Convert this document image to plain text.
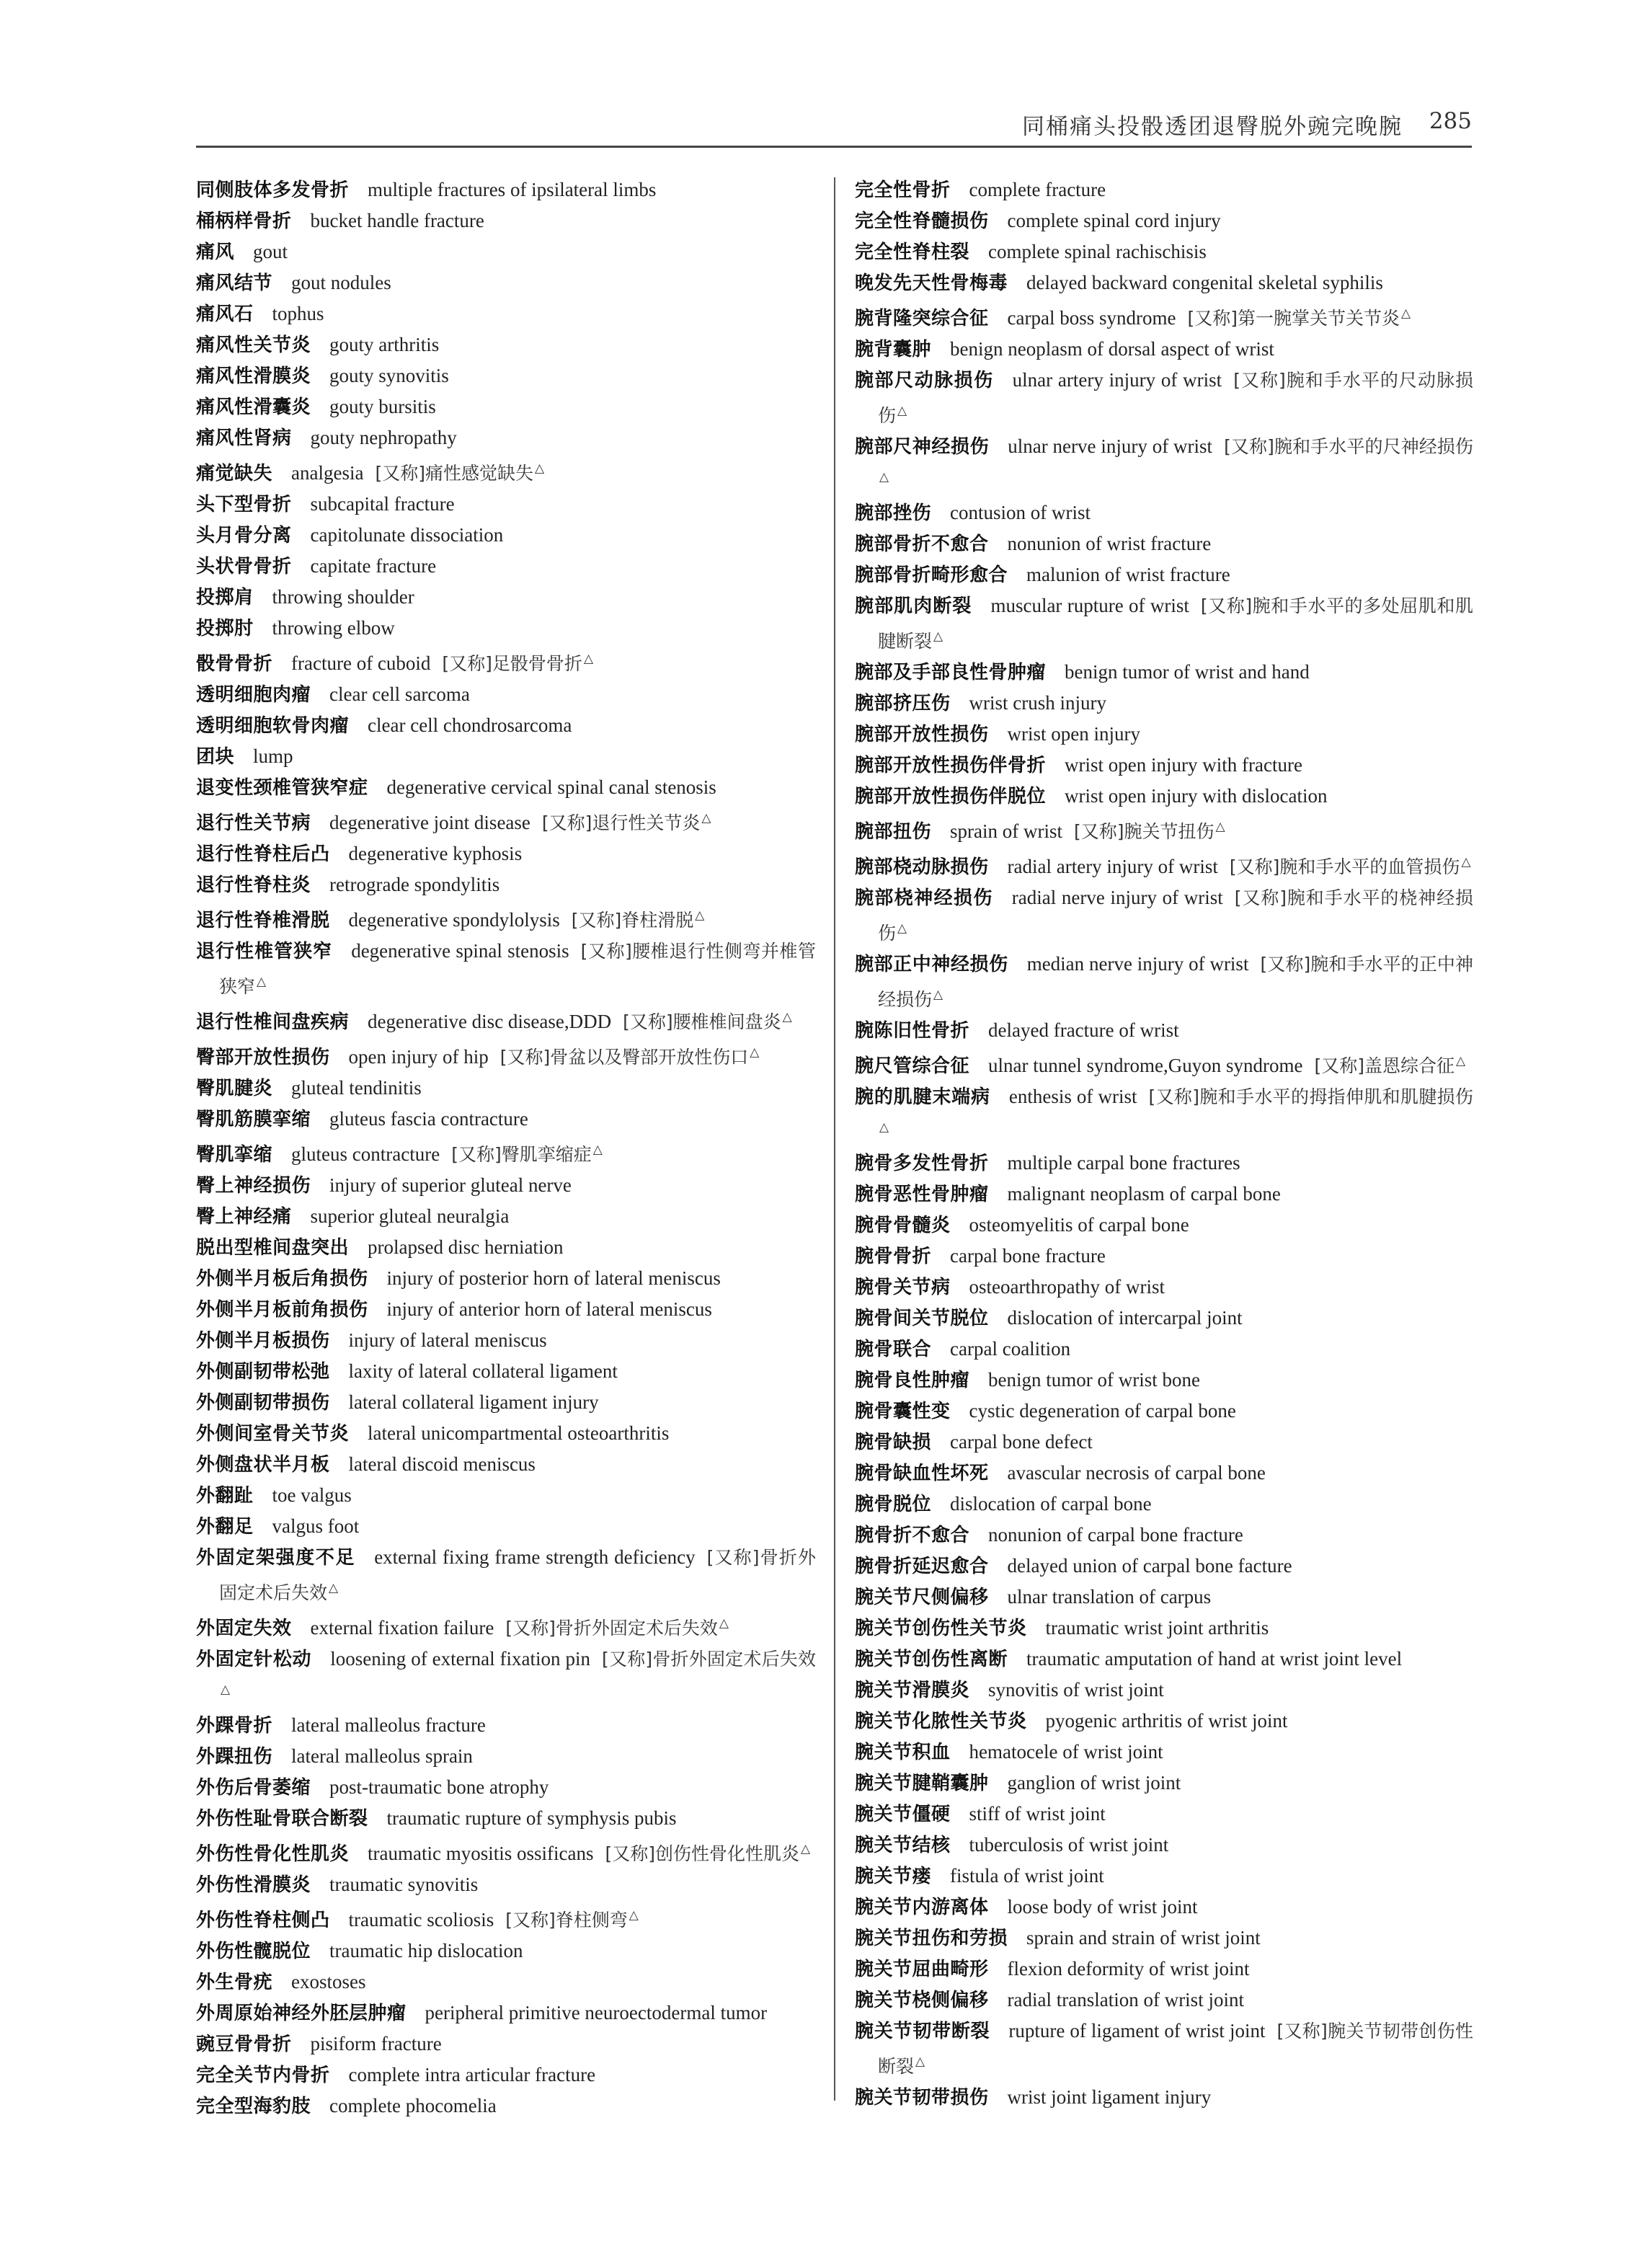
同桶痛头投骰透团退臀脱外豌完晚腕 285
同侧肢体多发骨折 multiple fractures of ipsilateral limbs
桶柄样骨折 bucket handle fracture
痛风 gout
痛风结节 gout nodules
痛风石 tophus
痛风性关节炎 gouty arthritis
痛风性滑膜炎 gouty synovitis
痛风性滑囊炎 gouty bursitis
痛风性肾病 gouty nephropathy
痛觉缺失 analgesia [又称]痛性感觉缺失 △
头下型骨折 subcapital fracture
头月骨分离 capitolunate dissociation
头状骨骨折 capitate fracture
投掷肩 throwing shoulder
投掷肘 throwing elbow
骰骨骨折 fracture of cuboid [又称]足骰骨骨折 △
透明细胞肉瘤 clear cell sarcoma
透明细胞软骨肉瘤 clear cell chondrosarcoma
团块 lump
退变性颈椎管狭窄症 degenerative cervical spinal canal stenosis
退行性关节病 degenerative joint disease [又称]退行性关节炎 △
退行性脊柱后凸 degenerative kyphosis
退行性脊柱炎 retrograde spondylitis
退行性脊椎滑脱 degenerative spondylolysis [又称]脊柱滑脱 △
退行性椎管狭窄 degenerative spinal stenosis [又称]腰椎退行性侧弯并椎管狭窄 △
退行性椎间盘疾病 degenerative disc disease,DDD [又称]腰椎椎间盘炎 △
臀部开放性损伤 open injury of hip [又称]骨盆以及臀部开放性伤口 △
臀肌腱炎 gluteal tendinitis
臀肌筋膜挛缩 gluteus fascia contracture
臀肌挛缩 gluteus contracture [又称]臀肌挛缩症 △
臀上神经损伤 injury of superior gluteal nerve
臀上神经痛 superior gluteal neuralgia
脱出型椎间盘突出 prolapsed disc herniation
外侧半月板后角损伤 injury of posterior horn of lateral meniscus
外侧半月板前角损伤 injury of anterior horn of lateral meniscus
外侧半月板损伤 injury of lateral meniscus
外侧副韧带松弛 laxity of lateral collateral ligament
外侧副韧带损伤 lateral collateral ligament injury
外侧间室骨关节炎 lateral unicompartmental osteoarthritis
外侧盘状半月板 lateral discoid meniscus
外翻趾 toe valgus
外翻足 valgus foot
外固定架强度不足 external fixing frame strength deficiency [又称]骨折外固定术后失效 △
外固定失效 external fixation failure [又称]骨折外固定术后失效 △
外固定针松动 loosening of external fixation pin [又称]骨折外固定术后失效△
外踝骨折 lateral malleolus fracture
外踝扭伤 lateral malleolus sprain
外伤后骨萎缩 post-traumatic bone atrophy
外伤性耻骨联合断裂 traumatic rupture of symphysis pubis
外伤性骨化性肌炎 traumatic myositis ossificans [又称]创伤性骨化性肌炎 △
外伤性滑膜炎 traumatic synovitis
外伤性脊柱侧凸 traumatic scoliosis [又称]脊柱侧弯 △
外伤性髋脱位 traumatic hip dislocation
外生骨疣 exostoses
外周原始神经外胚层肿瘤 peripheral primitive neuroectodermal tumor
豌豆骨骨折 pisiform fracture
完全关节内骨折 complete intra articular fracture
完全型海豹肢 complete phocomelia
完全性骨折 complete fracture
完全性脊髓损伤 complete spinal cord injury
完全性脊柱裂 complete spinal rachischisis
晚发先天性骨梅毒 delayed backward congenital skeletal syphilis
腕背隆突综合征 carpal boss syndrome [又称]第一腕掌关节关节炎 △
腕背囊肿 benign neoplasm of dorsal aspect of wrist
腕部尺动脉损伤 ulnar artery injury of wrist [又称]腕和手水平的尺动脉损伤 △
腕部尺神经损伤 ulnar nerve injury of wrist [又称]腕和手水平的尺神经损伤△
腕部挫伤 contusion of wrist
腕部骨折不愈合 nonunion of wrist fracture
腕部骨折畸形愈合 malunion of wrist fracture
腕部肌肉断裂 muscular rupture of wrist [又称]腕和手水平的多处屈肌和肌腱断裂 △
腕部及手部良性骨肿瘤 benign tumor of wrist and hand
腕部挤压伤 wrist crush injury
腕部开放性损伤 wrist open injury
腕部开放性损伤伴骨折 wrist open injury with fracture
腕部开放性损伤伴脱位 wrist open injury with dislocation
腕部扭伤 sprain of wrist [又称]腕关节扭伤 △
腕部桡动脉损伤 radial artery injury of wrist [又称]腕和手水平的血管损伤 △
腕部桡神经损伤 radial nerve injury of wrist [又称]腕和手水平的桡神经损伤 △
腕部正中神经损伤 median nerve injury of wrist [又称]腕和手水平的正中神经损伤 △
腕陈旧性骨折 delayed fracture of wrist
腕尺管综合征 ulnar tunnel syndrome,Guyon syndrome [又称]盖恩综合征 △
腕的肌腱末端病 enthesis of wrist [又称]腕和手水平的拇指伸肌和肌腱损伤△
腕骨多发性骨折 multiple carpal bone fractures
腕骨恶性骨肿瘤 malignant neoplasm of carpal bone
腕骨骨髓炎 osteomyelitis of carpal bone
腕骨骨折 carpal bone fracture
腕骨关节病 osteoarthropathy of wrist
腕骨间关节脱位 dislocation of intercarpal joint
腕骨联合 carpal coalition
腕骨良性肿瘤 benign tumor of wrist bone
腕骨囊性变 cystic degeneration of carpal bone
腕骨缺损 carpal bone defect
腕骨缺血性坏死 avascular necrosis of carpal bone
腕骨脱位 dislocation of carpal bone
腕骨折不愈合 nonunion of carpal bone fracture
腕骨折延迟愈合 delayed union of carpal bone facture
腕关节尺侧偏移 ulnar translation of carpus
腕关节创伤性关节炎 traumatic wrist joint arthritis
腕关节创伤性离断 traumatic amputation of hand at wrist joint level
腕关节滑膜炎 synovitis of wrist joint
腕关节化脓性关节炎 pyogenic arthritis of wrist joint
腕关节积血 hematocele of wrist joint
腕关节腱鞘囊肿 ganglion of wrist joint
腕关节僵硬 stiff of wrist joint
腕关节结核 tuberculosis of wrist joint
腕关节瘘 fistula of wrist joint
腕关节内游离体 loose body of wrist joint
腕关节扭伤和劳损 sprain and strain of wrist joint
腕关节屈曲畸形 flexion deformity of wrist joint
腕关节桡侧偏移 radial translation of wrist joint
腕关节韧带断裂 rupture of ligament of wrist joint [又称]腕关节韧带创伤性断裂 △
腕关节韧带损伤 wrist joint ligament injury
